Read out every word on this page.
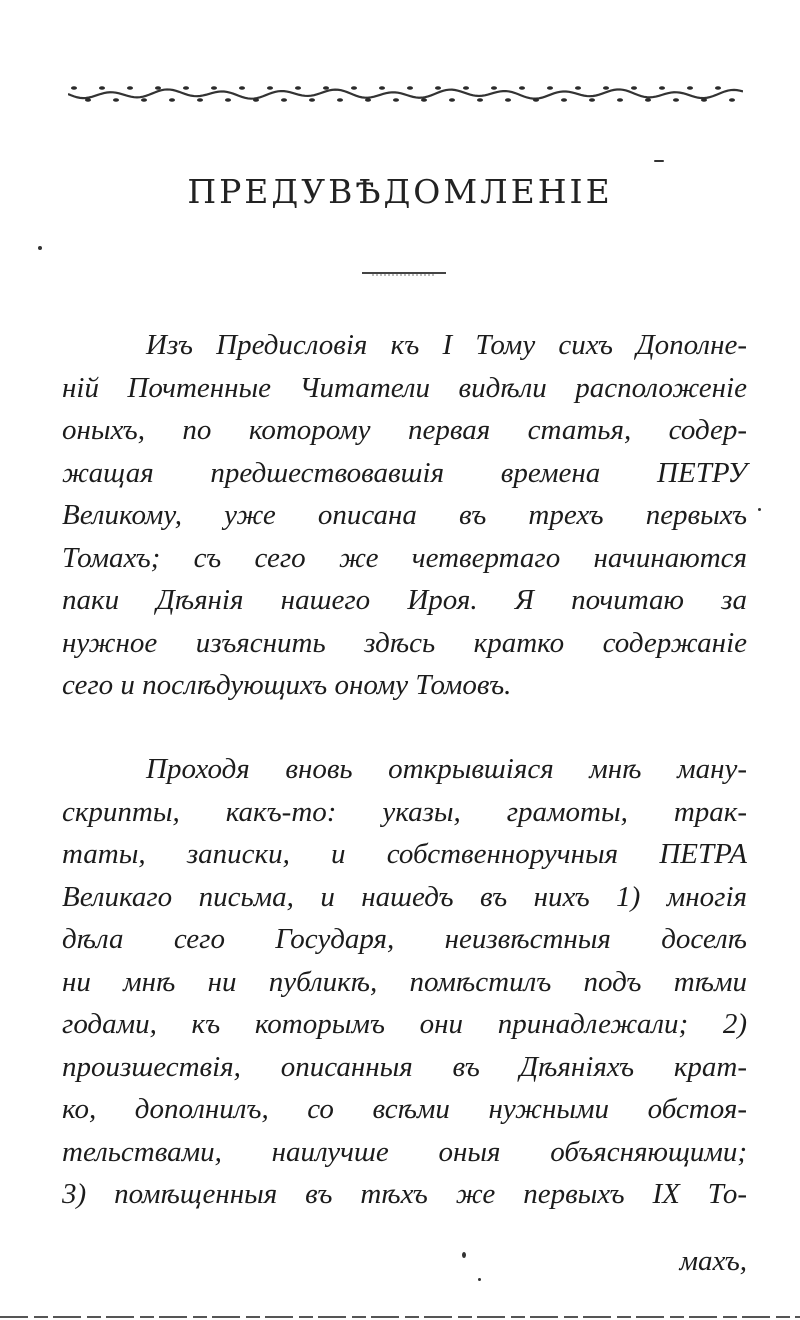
ПРЕДУВѢДОМЛЕНІЕ
Изъ Предисловія къ I Тому сихъ Дополне-
ній Почтенные Читатели видѣли расположеніе
оныхъ, по которому первая статья, содер-
жащая предшествовавшія времена ПЕТРУ
Великому, уже описана въ трехъ первыхъ
Томахъ; съ сего же четвертаго начинаются
паки Дѣянія нашего Ироя. Я почитаю за
нужное изъяснить здѣсь кратко содержаніе
сего и послѣдующихъ оному Томовъ.
Проходя вновь открывшіяся мнѣ ману-
скрипты, какъ-то: указы, грамоты, трак-
таты, записки, и собственноручныя ПЕТРА
Великаго письма, и нашедъ въ нихъ 1) многія
дѣла сего Государя, неизвѣстныя доселѣ
ни мнѣ ни публикѣ, помѣстилъ подъ тѣми
годами, къ которымъ они принадлежали; 2)
произшествія, описанныя въ Дѣяніяхъ крат-
ко, дополнилъ, со всѣми нужными обстоя-
тельствами, наилучше оныя объясняющими;
3) помѣщенныя въ тѣхъ же первыхъ IX То-
махъ,
